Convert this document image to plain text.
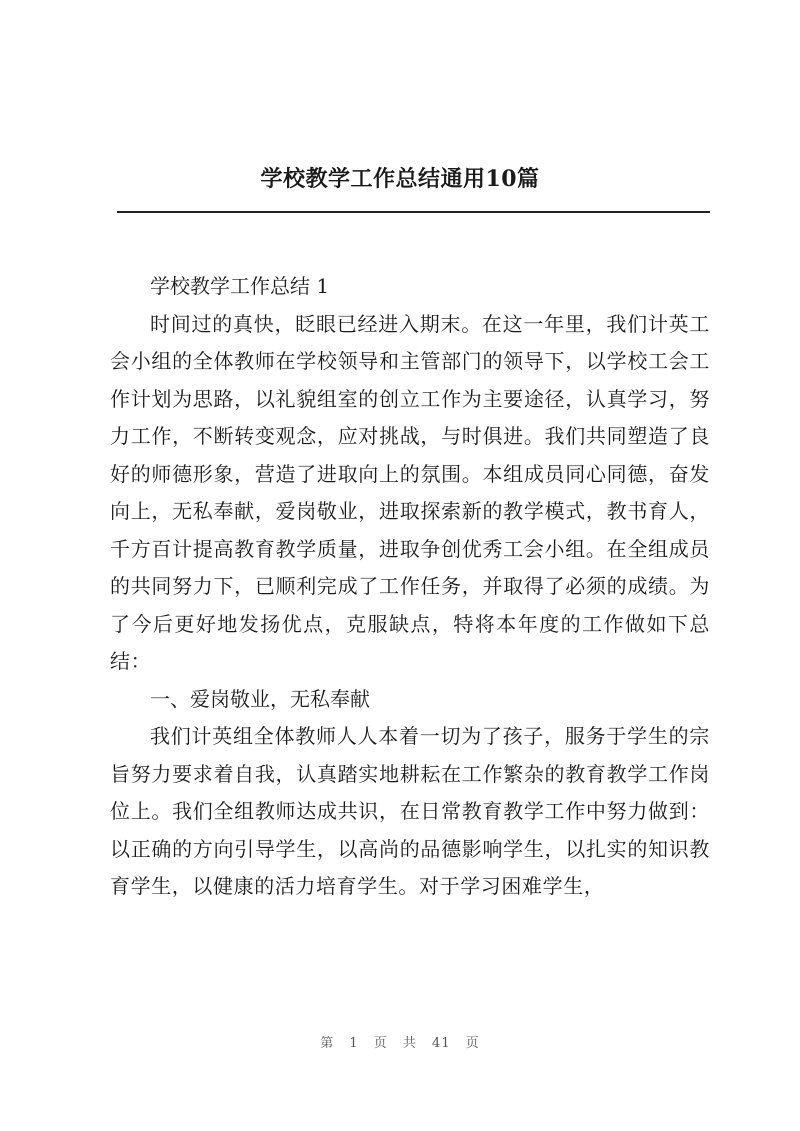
学校教学工作总结通用10篇

学校教学工作总结 1

时间过的真快，眨眼已经进入期末。在这一年里，我们计英工会小组的全体教师在学校领导和主管部门的领导下，以学校工会工作计划为思路，以礼貌组室的创立工作为主要途径，认真学习，努力工作，不断转变观念，应对挑战，与时俱进。我们共同塑造了良好的师德形象，营造了进取向上的氛围。本组成员同心同德，奋发向上，无私奉献，爱岗敬业，进取探索新的教学模式，教书育人，千方百计提高教育教学质量，进取争创优秀工会小组。在全组成员的共同努力下，已顺利完成了工作任务，并取得了必须的成绩。为了今后更好地发扬优点，克服缺点，特将本年度的工作做如下总结：

一、爱岗敬业，无私奉献

我们计英组全体教师人人本着一切为了孩子，服务于学生的宗旨努力要求着自我，认真踏实地耕耘在工作繁杂的教育教学工作岗位上。我们全组教师达成共识，在日常教育教学工作中努力做到：以正确的方向引导学生，以高尚的品德影响学生，以扎实的知识教育学生，以健康的活力培育学生。对于学习困难学生，

第 1 页 共 41 页
